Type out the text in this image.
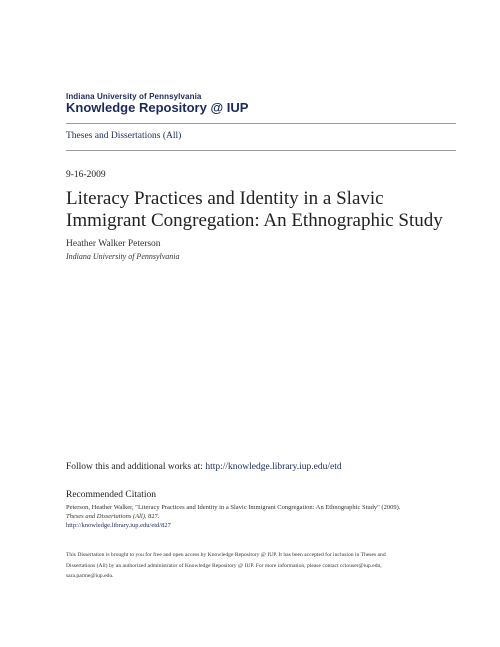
Indiana University of Pennsylvania
Knowledge Repository @ IUP
Theses and Dissertations (All)
9-16-2009
Literacy Practices and Identity in a Slavic
Immigrant Congregation: An Ethnographic Study
Heather Walker Peterson
Indiana University of Pennsylvania
Follow this and additional works at: http://knowledge.library.iup.edu/etd
Recommended Citation
Peterson, Heather Walker, "Literacy Practices and Identity in a Slavic Immigrant Congregation: An Ethnographic Study" (2009).
Theses and Dissertations (All). 827.
http://knowledge.library.iup.edu/etd/827
This Dissertation is brought to you for free and open access by Knowledge Repository @ IUP. It has been accepted for inclusion in Theses and
Dissertations (All) by an authorized administrator of Knowledge Repository @ IUP. For more information, please contact cclouser@iup.edu,
sara.parme@iup.edu.
